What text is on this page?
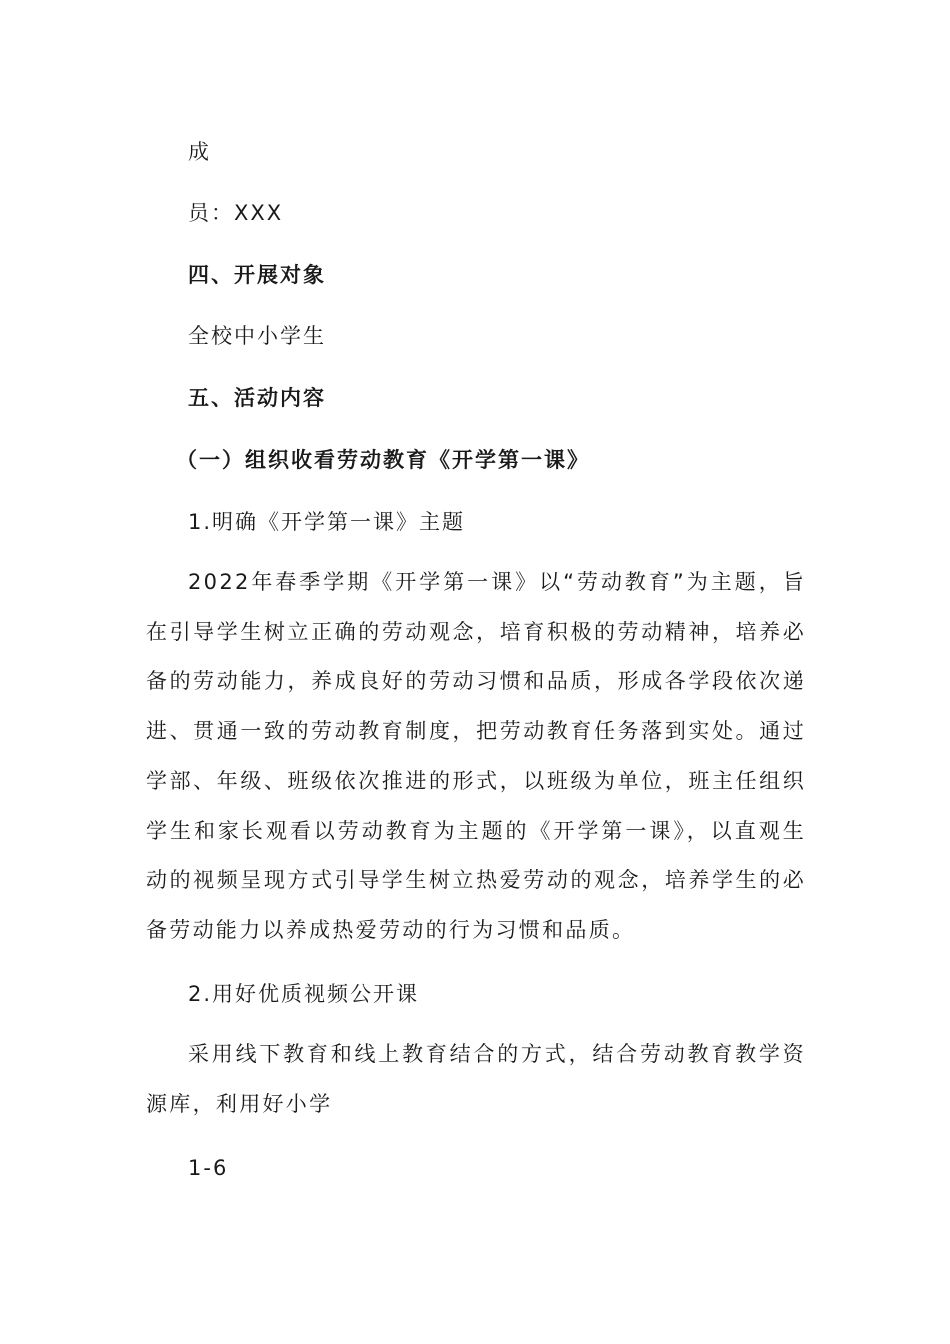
成
员：XXX
四、开展对象
全校中小学生
五、活动内容
（一）组织收看劳动教育《开学第一课》
1.明确《开学第一课》主题
2022年春季学期《开学第一课》以“劳动教育”为主题，旨在引导学生树立正确的劳动观念，培育积极的劳动精神，培养必备的劳动能力，养成良好的劳动习惯和品质，形成各学段依次递进、贯通一致的劳动教育制度，把劳动教育任务落到实处。通过学部、年级、班级依次推进的形式，以班级为单位，班主任组织学生和家长观看以劳动教育为主题的《开学第一课》，以直观生动的视频呈现方式引导学生树立热爱劳动的观念，培养学生的必备劳动能力以养成热爱劳动的行为习惯和品质。
2.用好优质视频公开课
采用线下教育和线上教育结合的方式，结合劳动教育教学资源库，利用好小学
1-6
